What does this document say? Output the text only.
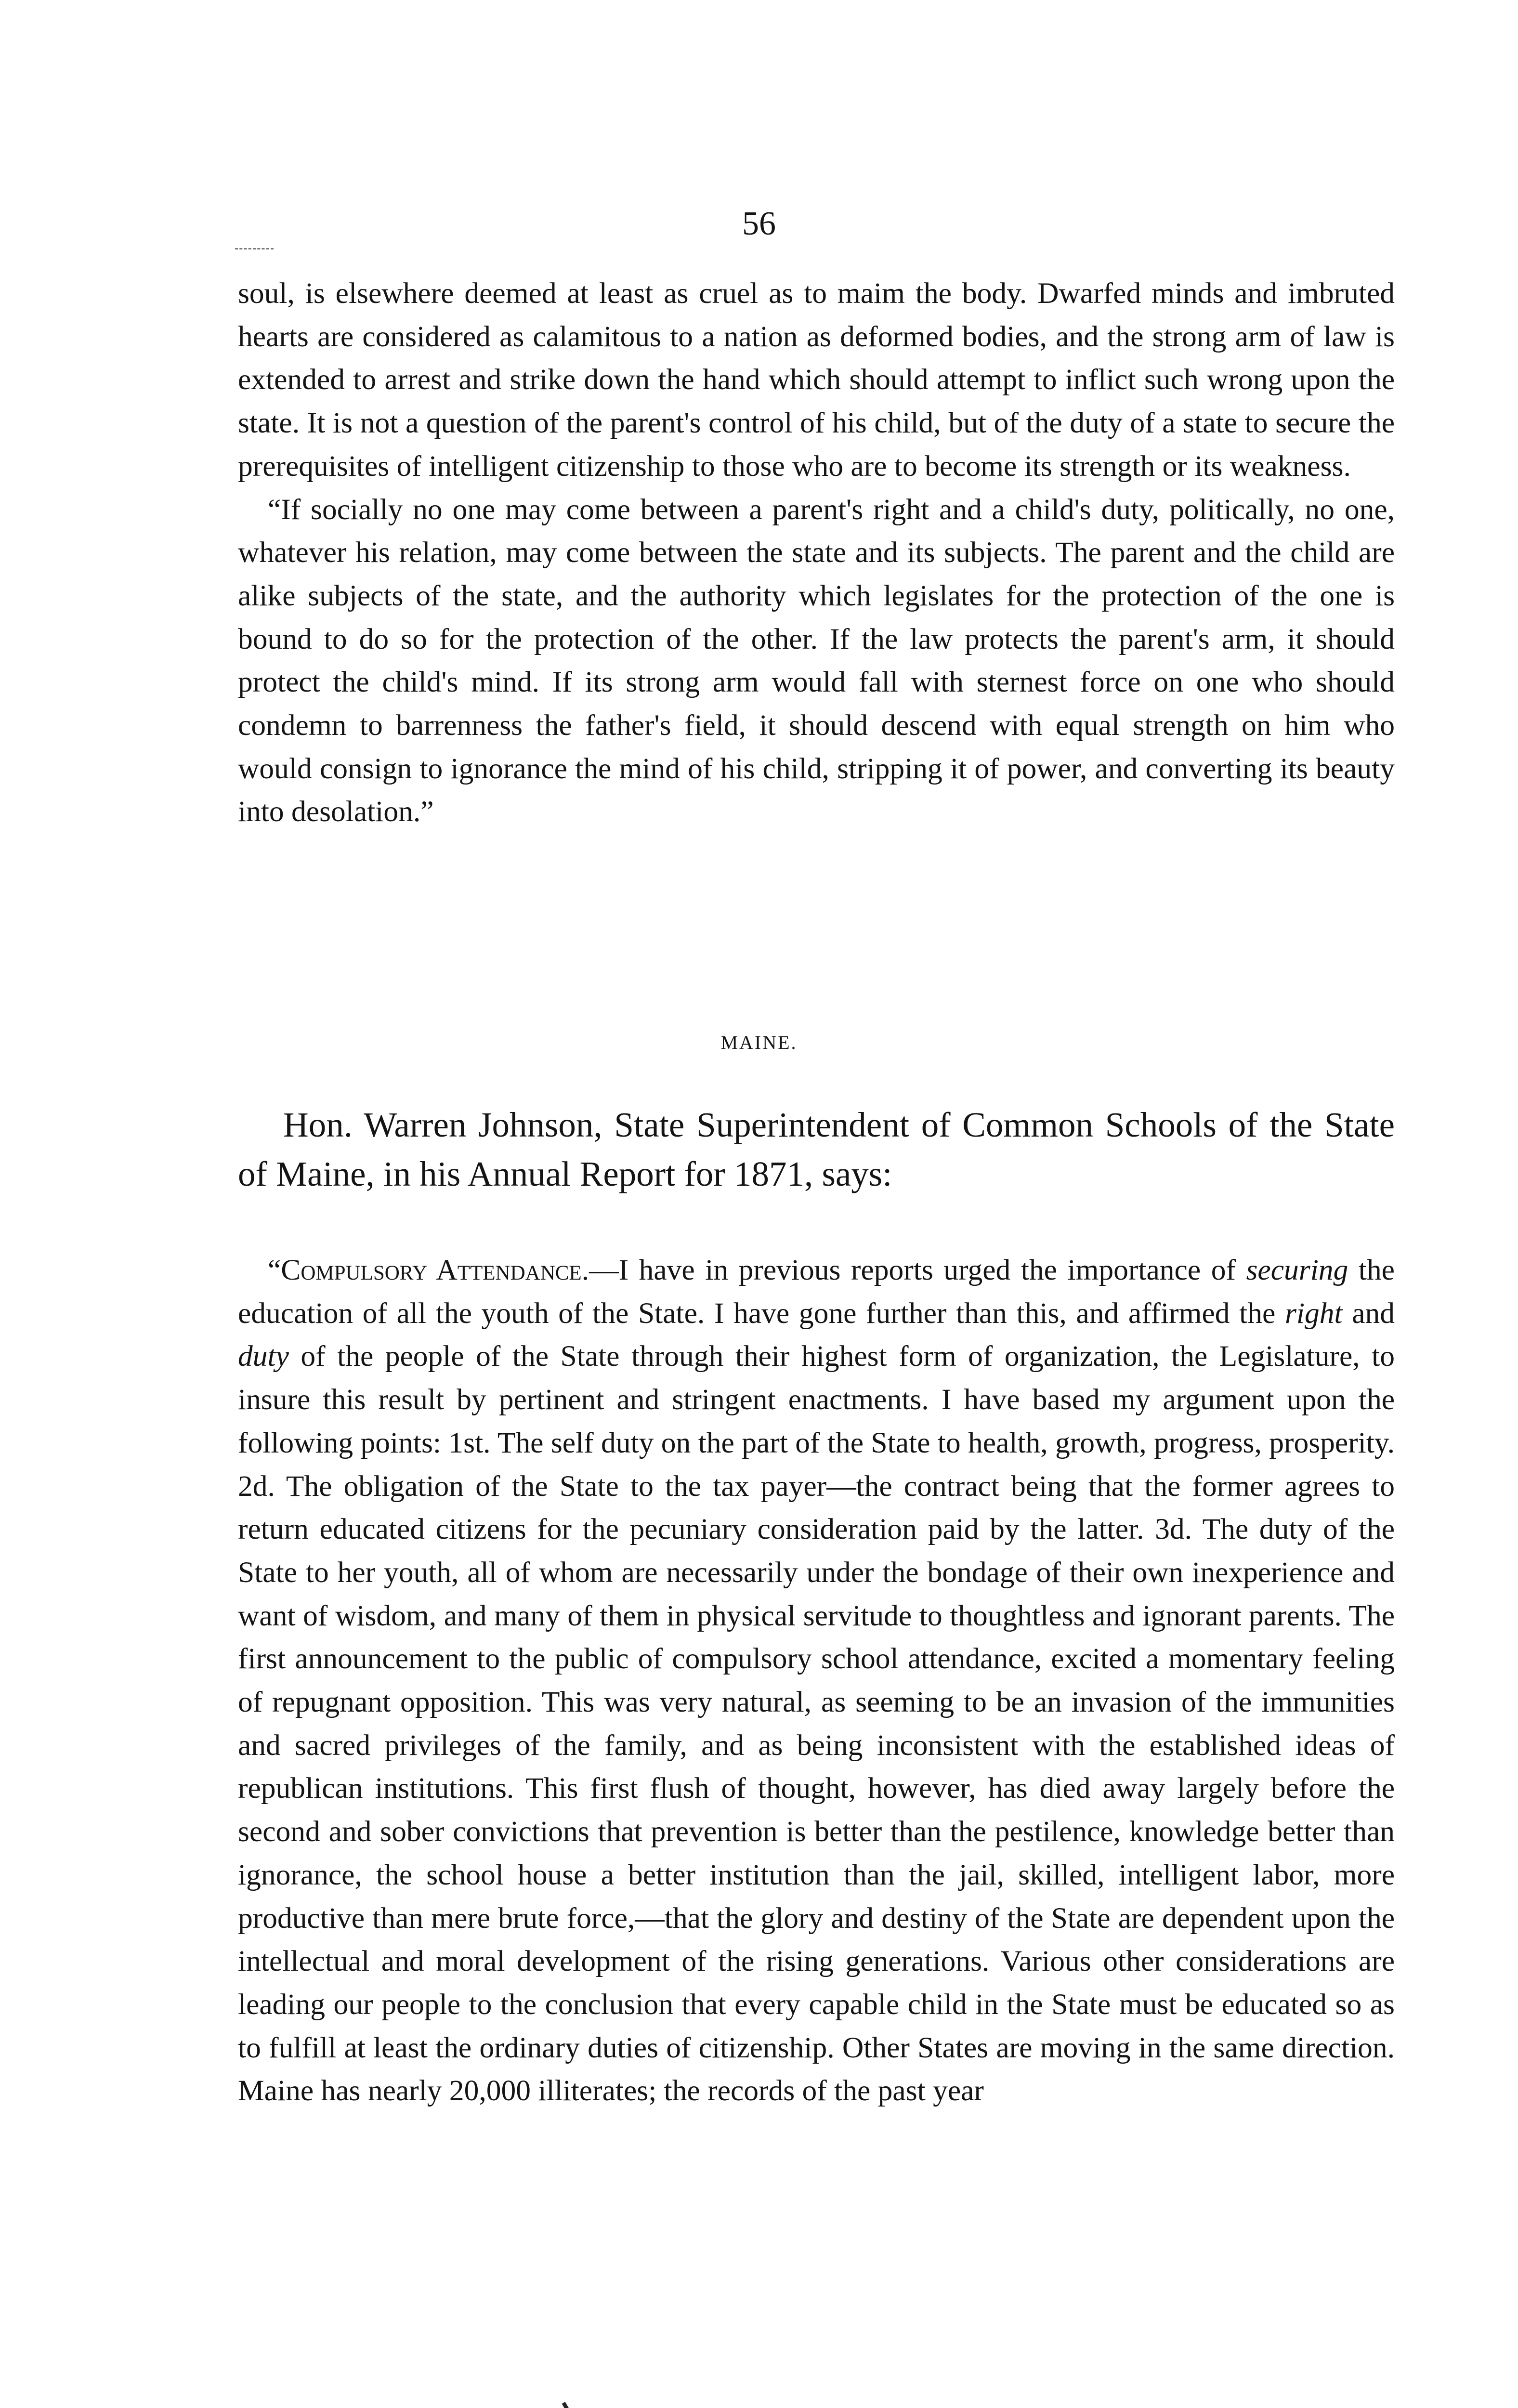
56
soul, is elsewhere deemed at least as cruel as to maim the body. Dwarfed minds and imbruted hearts are considered as calamitous to a nation as deformed bodies, and the strong arm of law is extended to arrest and strike down the hand which should attempt to inflict such wrong upon the state. It is not a question of the parent's control of his child, but of the duty of a state to secure the prerequisites of intelligent citizenship to those who are to become its strength or its weakness.
“If socially no one may come between a parent's right and a child's duty, politically, no one, whatever his relation, may come between the state and its subjects. The parent and the child are alike subjects of the state, and the authority which legislates for the protection of the one is bound to do so for the protection of the other. If the law protects the parent's arm, it should protect the child's mind. If its strong arm would fall with sternest force on one who should condemn to barrenness the father's field, it should descend with equal strength on him who would consign to ignorance the mind of his child, stripping it of power, and converting its beauty into desolation.”
MAINE.
Hon. Warren Johnson, State Superintendent of Common Schools of the State of Maine, in his Annual Report for 1871, says:
“Compulsory Attendance.—I have in previous reports urged the importance of securing the education of all the youth of the State. I have gone further than this, and affirmed the right and duty of the people of the State through their highest form of organization, the Legislature, to insure this result by pertinent and stringent enactments. I have based my argument upon the following points: 1st. The self duty on the part of the State to health, growth, progress, prosperity. 2d. The obligation of the State to the tax payer—the contract being that the former agrees to return educated citizens for the pecuniary consideration paid by the latter. 3d. The duty of the State to her youth, all of whom are necessarily under the bondage of their own inexperience and want of wisdom, and many of them in physical servitude to thoughtless and ignorant parents. The first announcement to the public of compulsory school attendance, excited a momentary feeling of repugnant opposition. This was very natural, as seeming to be an invasion of the immunities and sacred privileges of the family, and as being inconsistent with the established ideas of republican institutions. This first flush of thought, however, has died away largely before the second and sober convictions that prevention is better than the pestilence, knowledge better than ignorance, the school house a better institution than the jail, skilled, intelligent labor, more productive than mere brute force,—that the glory and destiny of the State are dependent upon the intellectual and moral development of the rising generations. Various other considerations are leading our people to the conclusion that every capable child in the State must be educated so as to fulfill at least the ordinary duties of citizenship. Other States are moving in the same direction. Maine has nearly 20,000 illiterates; the records of the past year
